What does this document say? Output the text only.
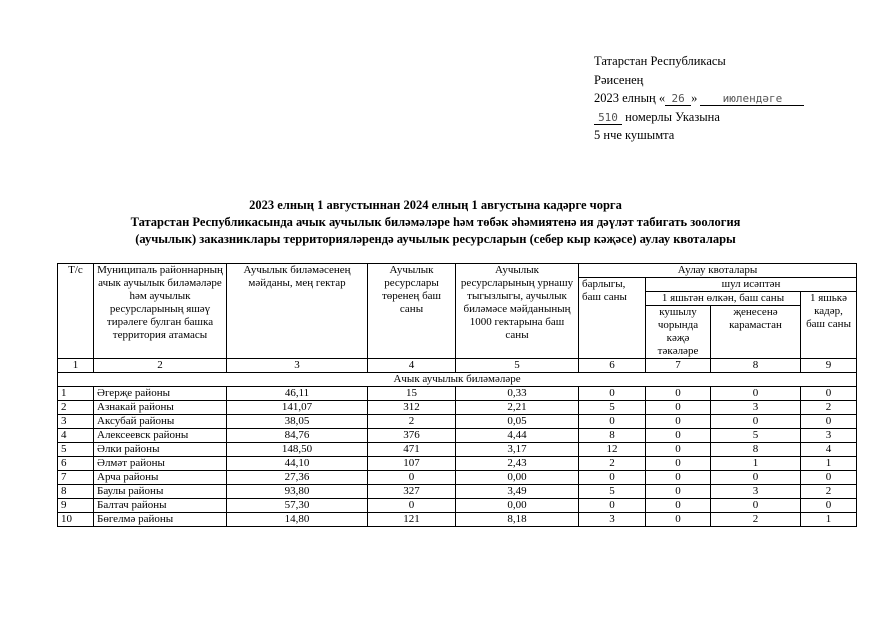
Татарстан Республикасы
Рәисенең
2023 елның « 26 » июлендәге
510 номерлы Указына
5 нче кушымта
2023 елның 1 августыннан 2024 елның 1 августына кадәрге чорга
Татарстан Республикасында ачык аучылык биләмәләре һәм төбәк әһәмиятенә ия дәүләт табигать зоология
(аучылык) заказниклары территорияләрендә аучылык ресурсларын (себер кыр кәҗәсе) аулау квоталары
Т/с	Муниципаль районнарның ачык аучылык биләмәләре һәм аучылык ресурсларының яшәү тирәлеге булган башка территория атамасы	Аучылык биләмәсенең мәйданы, мең гектар	Аучылык ресурслары төренең баш саны	Аучылык ресурсларының урнашу тыгызлыгы, аучылык биләмәсе мәйданының 1000 гектарына баш саны	Аулау квоталары			
					барлыгы, баш саны	шул исәптән		
						1 яшьтән өлкән, баш саны		1 яшькә кадәр, баш саны
						кушылу чорында кәҗә тәкәләре	җенесенә карамастан	
1	2	3	4	5	6	7	8	9
Ачык аучылык биләмәләре								
1	Әгерҗе районы	46,11	15	0,33	0	0	0	0
2	Азнакай районы	141,07	312	2,21	5	0	3	2
3	Аксубай районы	38,05	2	0,05	0	0	0	0
4	Алексеевск районы	84,76	376	4,44	8	0	5	3
5	Әлки районы	148,50	471	3,17	12	0	8	4
6	Әлмәт районы	44,10	107	2,43	2	0	1	1
7	Арча районы	27,36	0	0,00	0	0	0	0
8	Баулы районы	93,80	327	3,49	5	0	3	2
9	Балтач районы	57,30	0	0,00	0	0	0	0
10	Бөгелмә районы	14,80	121	8,18	3	0	2	1
